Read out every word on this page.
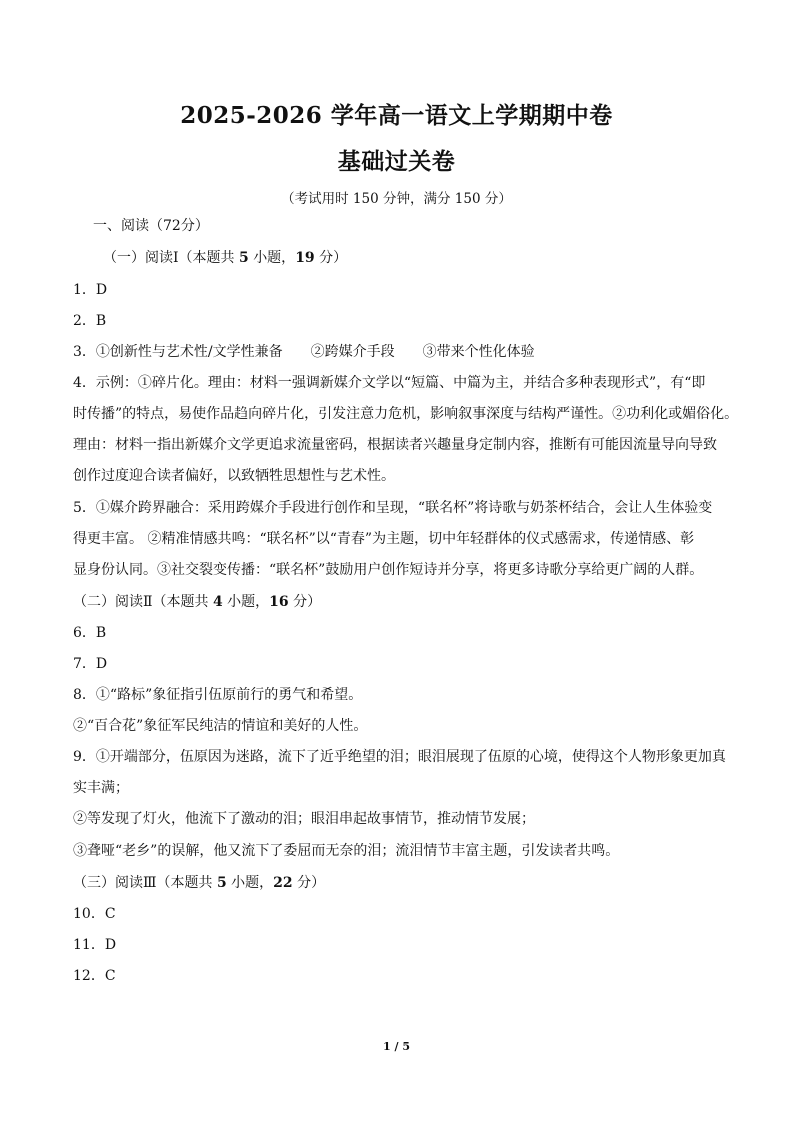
2025-2026 学年高一语文上学期期中卷
基础过关卷
（考试用时 150 分钟，满分 150 分）
一、阅读（72分）
（一）阅读Ⅰ（本题共 5 小题，19 分）
1．D
2．B
3．①创新性与艺术性/文学性兼备　　②跨媒介手段　　③带来个性化体验
4．示例：①碎片化。理由：材料一强调新媒介文学以“短篇、中篇为主，并结合多种表现形式”，有“即
时传播”的特点，易使作品趋向碎片化，引发注意力危机，影响叙事深度与结构严谨性。②功利化或媚俗化。
理由：材料一指出新媒介文学更追求流量密码，根据读者兴趣量身定制内容，推断有可能因流量导向导致
创作过度迎合读者偏好，以致牺牲思想性与艺术性。
5．①媒介跨界融合：采用跨媒介手段进行创作和呈现，“联名杯”将诗歌与奶茶杯结合，会让人生体验变
得更丰富。 ②精准情感共鸣：“联名杯”以“青春”为主题，切中年轻群体的仪式感需求，传递情感、彰
显身份认同。③社交裂变传播：“联名杯”鼓励用户创作短诗并分享，将更多诗歌分享给更广阔的人群。
（二）阅读Ⅱ（本题共 4 小题，16 分）
6．B
7．D
8．①“路标”象征指引伍原前行的勇气和希望。
②“百合花”象征军民纯洁的情谊和美好的人性。
9．①开端部分，伍原因为迷路，流下了近乎绝望的泪；眼泪展现了伍原的心境，使得这个人物形象更加真
实丰满；
②等发现了灯火，他流下了激动的泪；眼泪串起故事情节，推动情节发展；
③聋哑“老乡”的误解，他又流下了委屈而无奈的泪；流泪情节丰富主题，引发读者共鸣。
（三）阅读Ⅲ（本题共 5 小题，22 分）
10．C
11．D
12．C
1 / 5
